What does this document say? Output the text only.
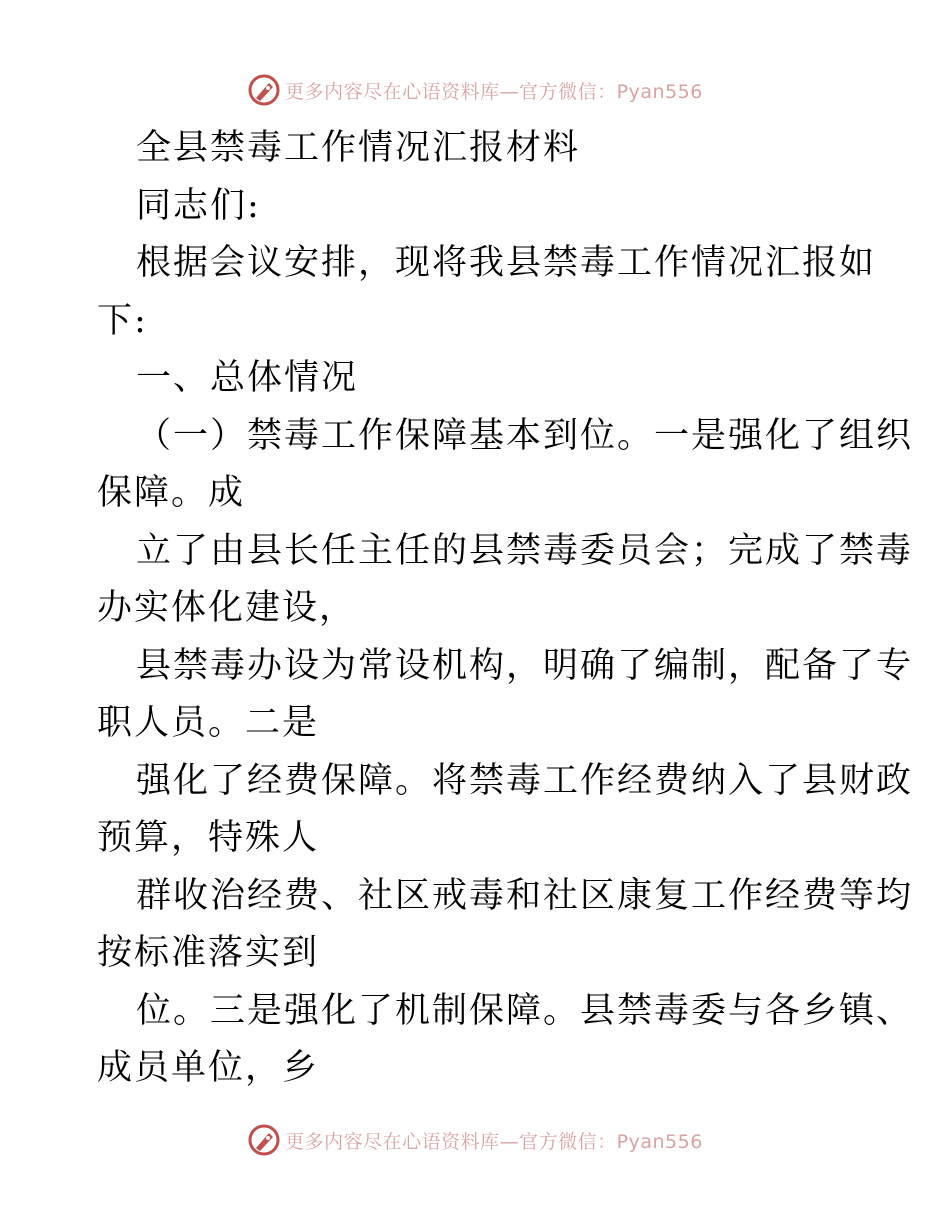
更多内容尽在心语资料库—官方微信：Pyan556
全县禁毒工作情况汇报材料
同志们:
根据会议安排，现将我县禁毒工作情况汇报如
下:
一、总体情况
（一）禁毒工作保障基本到位。一是强化了组织
保障。成
立了由县长任主任的县禁毒委员会；完成了禁毒
办实体化建设，
县禁毒办设为常设机构，明确了编制，配备了专
职人员。二是
强化了经费保障。将禁毒工作经费纳入了县财政
预算，特殊人
群收治经费、社区戒毒和社区康复工作经费等均
按标准落实到
位。三是强化了机制保障。县禁毒委与各乡镇、
成员单位，乡
更多内容尽在心语资料库—官方微信：Pyan556
